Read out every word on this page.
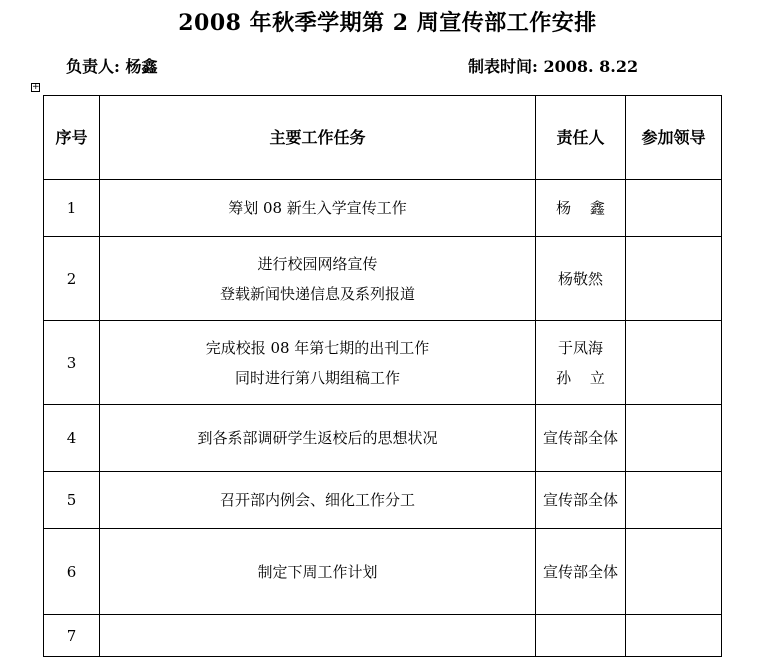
2008 年秋季学期第 2 周宣传部工作安排
负责人: 杨鑫	制表时间: 2008. 8.22
+
序号	主要工作任务	责任人	参加领导
1	筹划 08 新生入学宣传工作	杨 鑫	

2	进行校园网络宣传
登载新闻快递信息及系列报道	杨敬然	

3	完成校报 08 年第七期的出刊工作
同时进行第八期组稿工作	于凤海
孙 立	

4	到各系部调研学生返校后的思想状况	宣传部全体	

5	召开部内例会、细化工作分工	宣传部全体	

6	制定下周工作计划	宣传部全体	

7	
